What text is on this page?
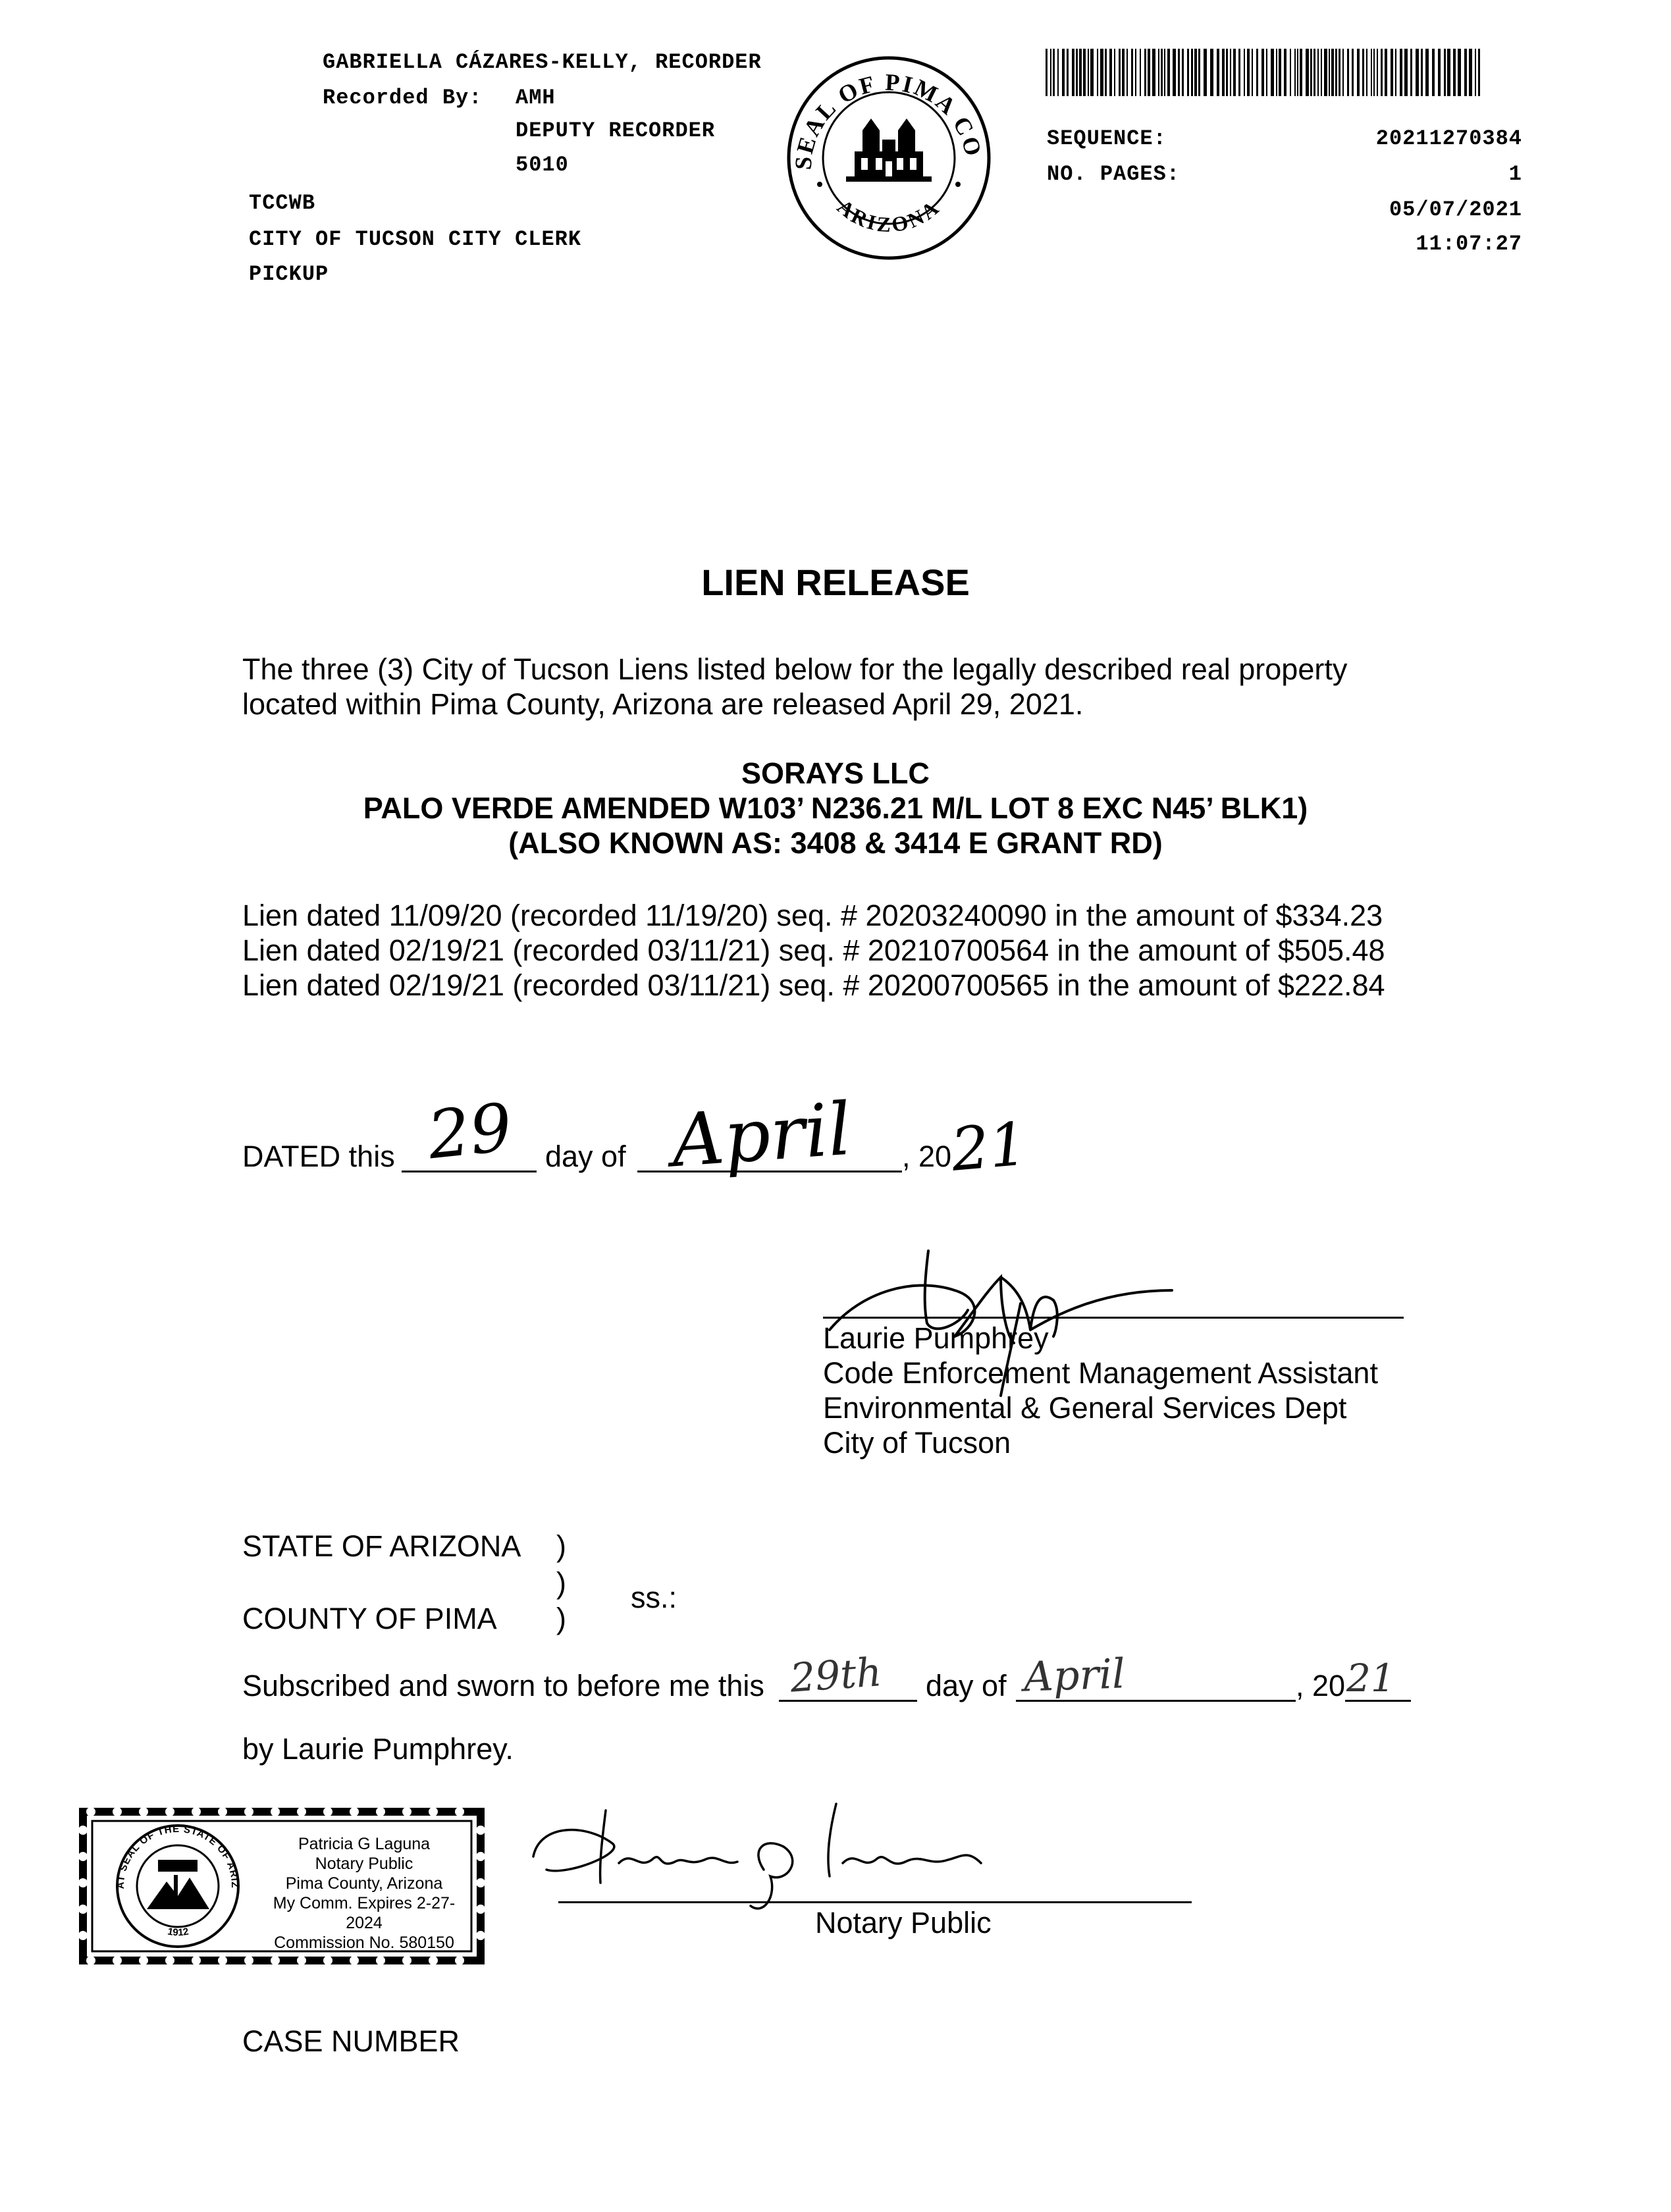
GABRIELLA CÁZARES-KELLY, RECORDER
Recorded By: AMH
DEPUTY RECORDER
5010
TCCWB
CITY OF TUCSON CITY CLERK
PICKUP
THE SEAL OF PIMA COUNTY
ARIZONA
SEQUENCE:	20211270384
NO. PAGES:	1
05/07/2021
11:07:27
LIEN RELEASE
The three (3) City of Tucson Liens listed below for the legally described real property
located within Pima County, Arizona are released April 29, 2021.
SORAYS LLC
PALO VERDE AMENDED W103’ N236.21 M/L LOT 8 EXC N45’ BLK1)
(ALSO KNOWN AS: 3408 & 3414 E GRANT RD)
Lien dated 11/09/20 (recorded 11/19/20) seq. # 20203240090 in the amount of $334.23
Lien dated 02/19/21 (recorded 03/11/21) seq. # 20210700564 in the amount of $505.48
Lien dated 02/19/21 (recorded 03/11/21) seq. # 20200700565 in the amount of $222.84
DATED this 29 day of April , 20
21
Laurie Pumphrey
Code Enforcement Management Assistant
Environmental & General Services Dept
City of Tucson
STATE OF ARIZONA )
) ss.:
COUNTY OF PIMA )
Subscribed and sworn to before me this 29th day of April	, 20 21
by Laurie Pumphrey.
GREAT SEAL OF THE STATE OF ARIZONA
1912
Patricia G Laguna
Notary Public
Pima County, Arizona
My Comm. Expires 2-27-2024
Commission No. 580150
Notary Public
CASE NUMBER
